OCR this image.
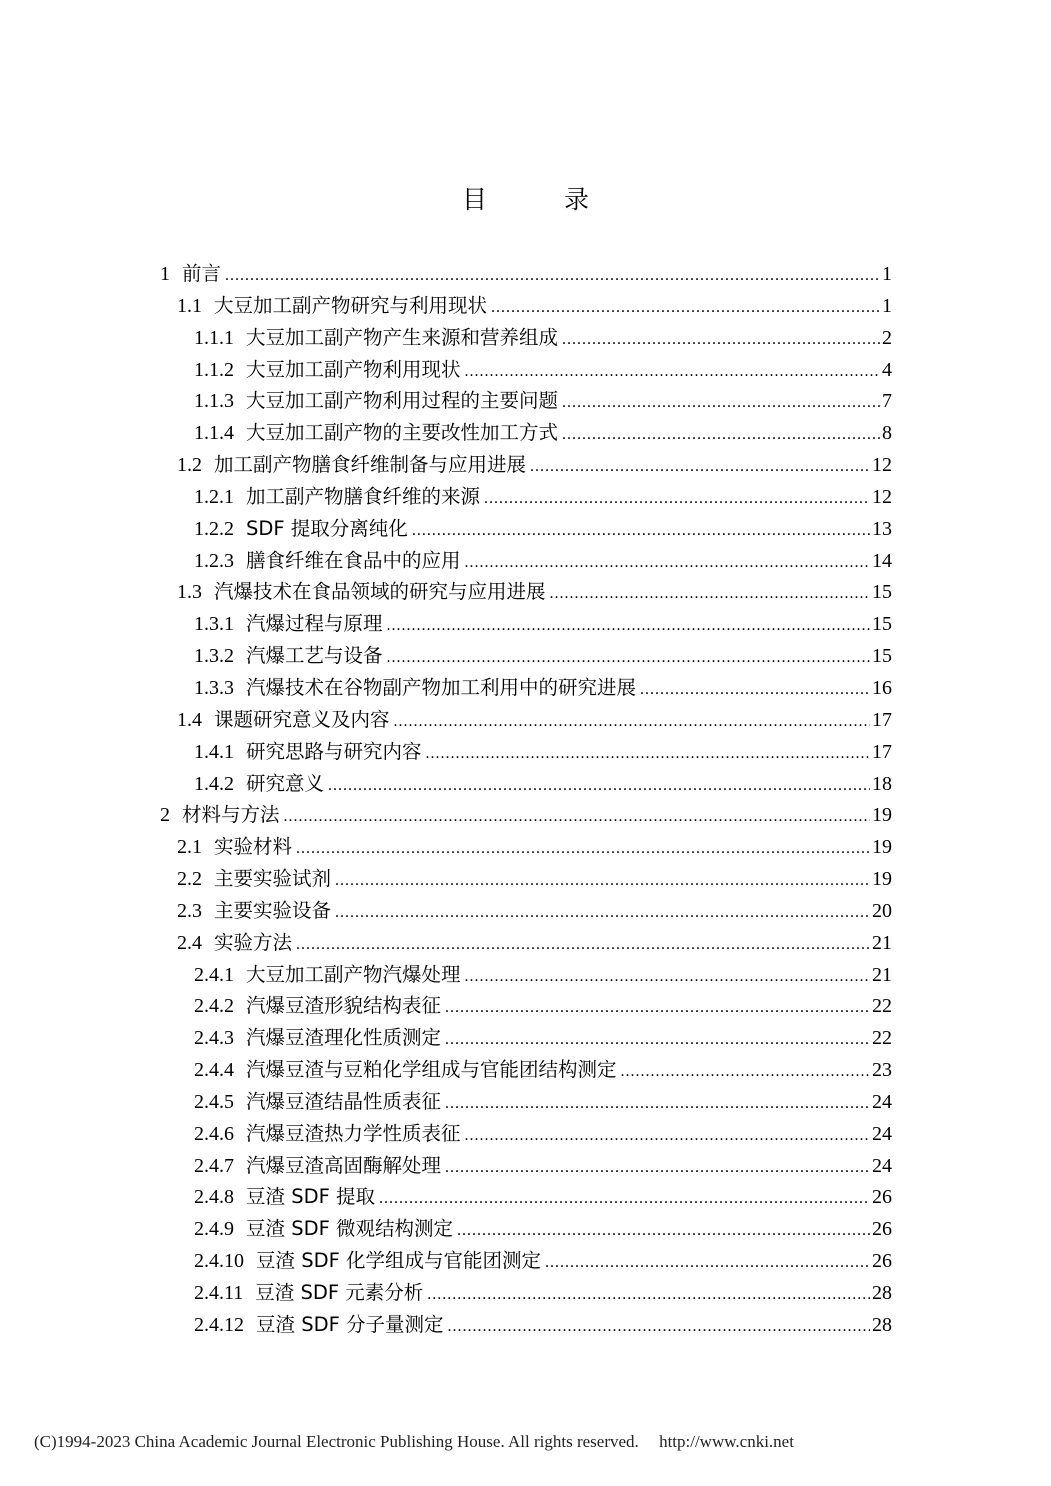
目　录
1 前言 .....	1
1.1 大豆加工副产物研究与利用现状 .....	1
1.1.1 大豆加工副产物产生来源和营养组成 .....	2
1.1.2 大豆加工副产物利用现状 .....	4
1.1.3 大豆加工副产物利用过程的主要问题 .....	7
1.1.4 大豆加工副产物的主要改性加工方式 .....	8
1.2 加工副产物膳食纤维制备与应用进展 .....	12
1.2.1 加工副产物膳食纤维的来源 .....	12
1.2.2 SDF 提取分离纯化 .....	13
1.2.3 膳食纤维在食品中的应用 .....	14
1.3 汽爆技术在食品领域的研究与应用进展 .....	15
1.3.1 汽爆过程与原理 .....	15
1.3.2 汽爆工艺与设备 .....	15
1.3.3 汽爆技术在谷物副产物加工利用中的研究进展 .....	16
1.4 课题研究意义及内容 .....	17
1.4.1 研究思路与研究内容 .....	17
1.4.2 研究意义 .....	18
2 材料与方法 .....	19
2.1 实验材料 .....	19
2.2 主要实验试剂 .....	19
2.3 主要实验设备 .....	20
2.4 实验方法 .....	21
2.4.1 大豆加工副产物汽爆处理 .....	21
2.4.2 汽爆豆渣形貌结构表征 .....	22
2.4.3 汽爆豆渣理化性质测定 .....	22
2.4.4 汽爆豆渣与豆粕化学组成与官能团结构测定 .....	23
2.4.5 汽爆豆渣结晶性质表征 .....	24
2.4.6 汽爆豆渣热力学性质表征 .....	24
2.4.7 汽爆豆渣高固酶解处理 .....	24
2.4.8 豆渣 SDF 提取 .....	26
2.4.9 豆渣 SDF 微观结构测定 .....	26
2.4.10 豆渣 SDF 化学组成与官能团测定 .....	26
2.4.11 豆渣 SDF 元素分析 .....	28
2.4.12 豆渣 SDF 分子量测定 .....	28
(C)1994-2023 China Academic Journal Electronic Publishing House. All rights reserved. http://www.cnki.net
